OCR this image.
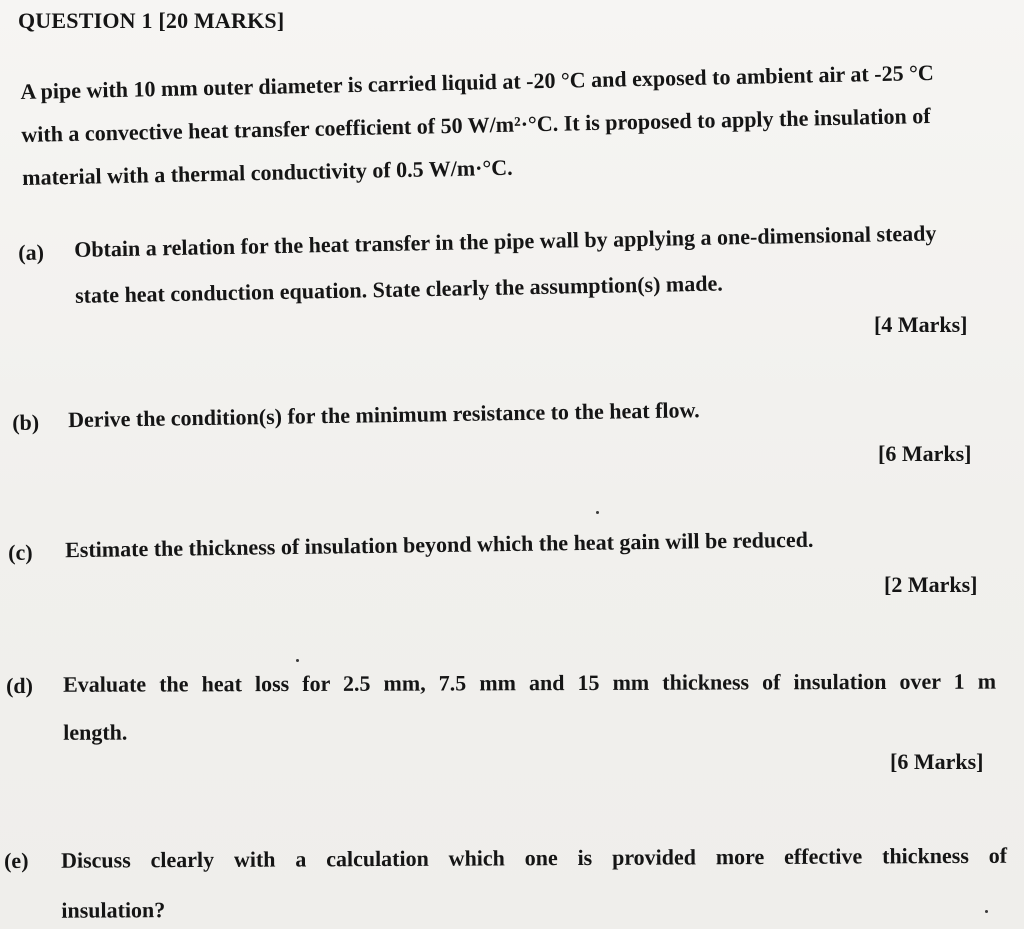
QUESTION 1 [20 MARKS]
A pipe with 10 mm outer diameter is carried liquid at -20 °C and exposed to ambient air at -25 °C
with a convective heat transfer coefficient of 50 W/m²·°C. It is proposed to apply the insulation of
material with a thermal conductivity of 0.5 W/m·°C.
(a) Obtain a relation for the heat transfer in the pipe wall by applying a one-dimensional steady
state heat conduction equation. State clearly the assumption(s) made.
[4 Marks]
(b) Derive the condition(s) for the minimum resistance to the heat flow.
[6 Marks]
(c) Estimate the thickness of insulation beyond which the heat gain will be reduced.
[2 Marks]
(d) Evaluate the heat loss for 2.5 mm, 7.5 mm and 15 mm thickness of insulation over 1 m
length.
[6 Marks]
(e) Discuss clearly with a calculation which one is provided more effective thickness of
insulation?
